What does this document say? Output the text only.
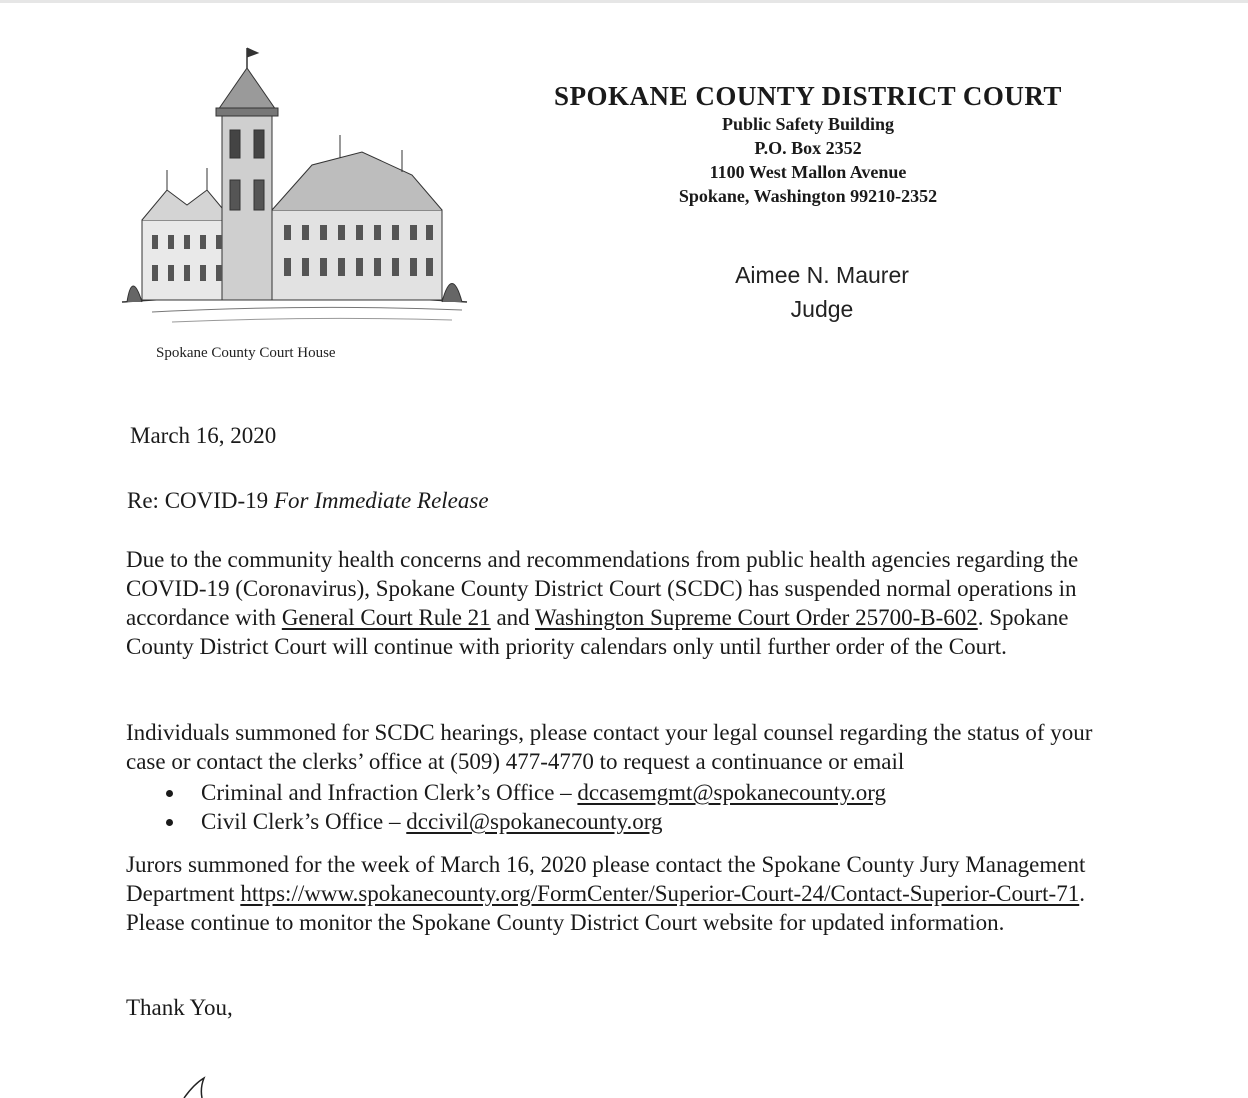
Spokane County Court House
SPOKANE COUNTY DISTRICT COURT
Public Safety Building
P.O. Box 2352
1100 West Mallon Avenue
Spokane, Washington 99210-2352
Aimee N. Maurer
Judge
March 16, 2020
Re: COVID-19 For Immediate Release
Due to the community health concerns and recommendations from public health agencies regarding the COVID-19 (Coronavirus), Spokane County District Court (SCDC) has suspended normal operations in accordance with General Court Rule 21 and Washington Supreme Court Order 25700-B-602. Spokane County District Court will continue with priority calendars only until further order of the Court.
Individuals summoned for SCDC hearings, please contact your legal counsel regarding the status of your case or contact the clerks’ office at (509) 477-4770 to request a continuance or email
Criminal and Infraction Clerk’s Office – dccasemgmt@spokanecounty.org
Civil Clerk’s Office – dccivil@spokanecounty.org
Jurors summoned for the week of March 16, 2020 please contact the Spokane County Jury Management Department https://www.spokanecounty.org/FormCenter/Superior-Court-24/Contact-Superior-Court-71. Please continue to monitor the Spokane County District Court website for updated information.
Thank You,
